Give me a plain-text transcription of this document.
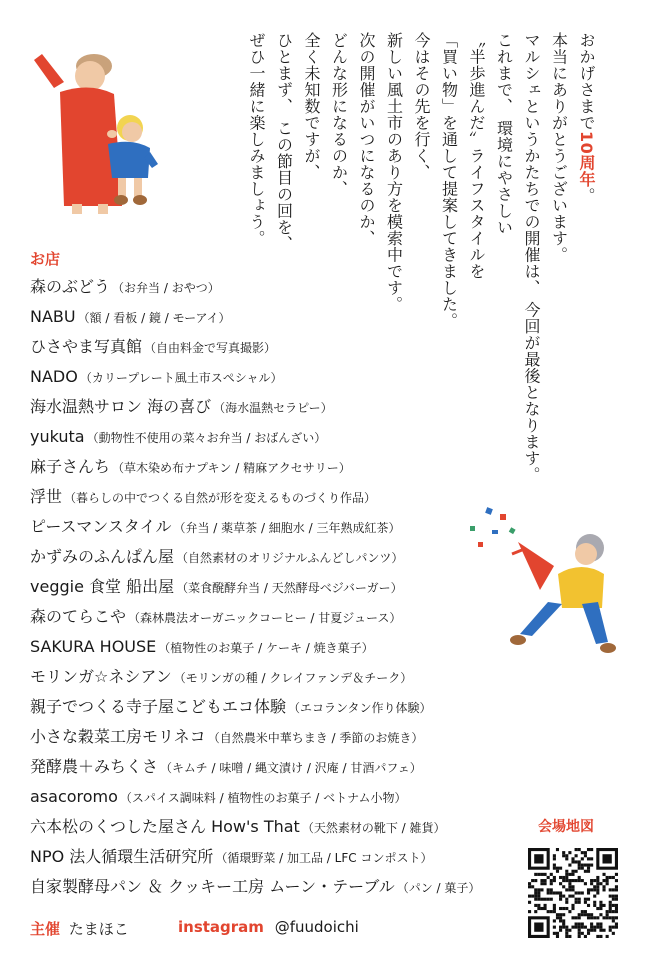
おかげさまで10周年。
本当にありがとうございます。
マルシェというかたちでの開催は、 今回が最後となります。
これまで、 環境にやさしい
〝半歩進んだ〟ライフスタイルを
「買い物」を通して提案してきました。
今はその先を行く、
新しい風土市のあり方を模索中です。
次の開催がいつになるのか、
どんな形になるのか、
全く未知数ですが、
ひとまず、 この節目の回を、
ぜひ一緒に楽しみましょう。
お店
森のぶどう （お弁当 / おやつ）
NABU （額 / 看板 / 鏡 / モーアイ）
ひさやま写真館 （自由料金で写真撮影）
NADO （カリープレート風土市スペシャル）
海水温熱サロン 海の喜び （海水温熱セラピー）
yukuta （動物性不使用の菜々お弁当 / おばんざい）
麻子さんち （草木染め布ナプキン / 精麻アクセサリー）
浮世 （暮らしの中でつくる自然が形を変えるものづくり作品）
ピースマンスタイル （弁当 / 薬草茶 / 細胞水 / 三年熟成紅茶）
かずみのふんぱん屋 （自然素材のオリジナルふんどしパンツ）
veggie 食堂 船出屋 （菜食醗酵弁当 / 天然酵母ベジバーガー）
森のてらこや （森林農法オーガニックコーヒー / 甘夏ジュース）
SAKURA HOUSE （植物性のお菓子 / ケーキ / 焼き菓子）
モリンガ☆ネシアン （モリンガの種 / クレイファンデ＆チーク）
親子でつくる寺子屋こどもエコ体験 （エコランタン作り体験）
小さな穀菜工房モリネコ （自然農米中華ちまき / 季節のお焼き）
発酵農＋みちくさ （キムチ / 味噌 / 縄文漬け / 沢庵 / 甘酒パフェ）
asacoromo （スパイス調味料 / 植物性のお菓子 / ベトナム小物）
六本松のくつした屋さん How's That （天然素材の靴下 / 雑貨）
NPO 法人循環生活研究所 （循環野菜 / 加工品 / LFC コンポスト）
自家製酵母パン ＆ クッキー工房 ムーン・テーブル （パン / 菓子）
会場地図
主催 たまほこ	instagram @fuudoichi
